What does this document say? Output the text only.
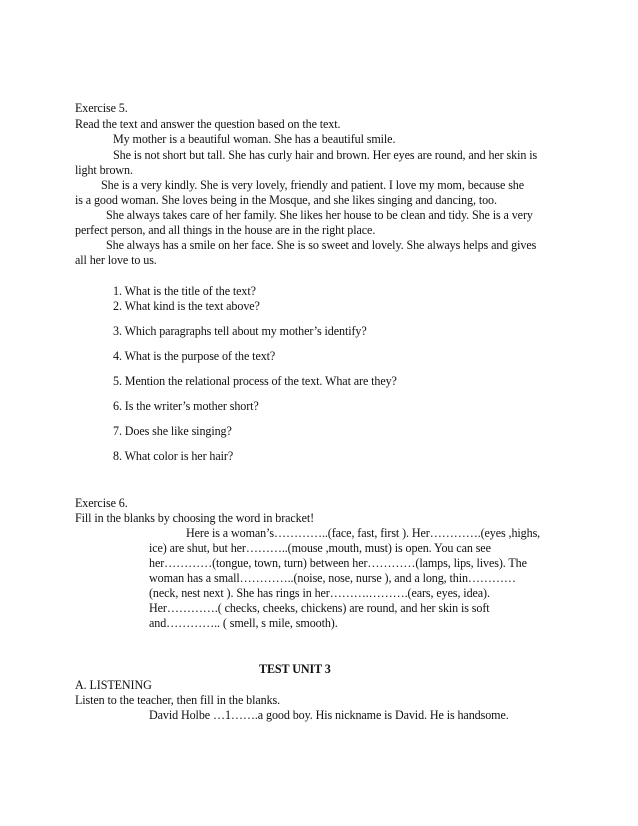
Exercise 5.
Read the text and answer the question based on the text.
My mother is a beautiful woman. She has a beautiful smile.
She is not short but tall. She has curly hair and brown. Her eyes are round, and her skin is
light brown.
She is a very kindly. She is very lovely, friendly and patient. I love my mom, because she
is a good woman. She loves being in the Mosque, and she likes singing and dancing, too.
She always takes care of her family. She likes her house to be clean and tidy. She is a very
perfect person, and all things in the house are in the right place.
She always has a smile on her face. She is so sweet and lovely. She always helps and gives
all her love to us.
1. What is the title of the text?
2. What kind is the text above?
3. Which paragraphs tell about my mother’s identify?
4. What is the purpose of the text?
5. Mention the relational process of the text. What are they?
6. Is the writer’s mother short?
7. Does she like singing?
8. What color is her hair?
Exercise 6.
Fill in the blanks by choosing the word in bracket!
Here is a woman’s…………..(face, fast, first ). Her………….(eyes ,highs,
ice) are shut, but her………..(mouse ,mouth, must) is open. You can see
her…………(tongue, town, turn) between her…………(lamps, lips, lives). The
woman has a small…………..(noise, nose, nurse ), and a long, thin…………
(neck, nest next ). She has rings in her……….……….(ears, eyes, idea).
Her………….( checks, cheeks, chickens) are round, and her skin is soft
and………….. ( smell, s mile, smooth).
TEST UNIT 3
A. LISTENING
Listen to the teacher, then fill in the blanks.
David Holbe …1…….a good boy. His nickname is David. He is handsome.
